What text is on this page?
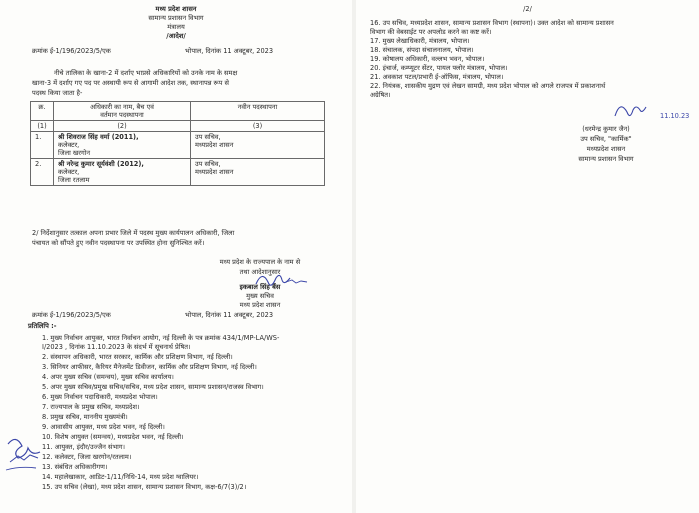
मध्य प्रदेश शासन
सामान्य प्रशासन विभाग
मंत्रालय
/आदेश/
क्रमांक ई-1/196/2023/5/एक	भोपाल, दिनांक 11 अक्टूबर, 2023
नीचे तालिका के खाना-2 में दर्शाए भाप्रसे अधिकारियों को उनके नाम के समक्ष
खाना-3 में दर्शाए गए पद पर अस्थायी रूप से आगामी आदेश तक, स्थानापन्न रूप से
पदस्थ किया जाता है-
क्र.	अधिकारी का नाम, बैच एवं
वर्तमान पदस्थापना	नवीन पदस्थापना
(1)	(2)	(3)
1.	श्री शिवराज सिंह वर्मा (2011),
कलेक्टर,
जिला खरगोन	उप सचिव,
मध्यप्रदेश शासन

2.	श्री नरेन्द्र कुमार सूर्यवंशी (2012),
कलेक्टर,
जिला रतलाम	उप सचिव,
मध्यप्रदेश शासन
2/ निर्देशानुसार तत्काल अपना प्रभार जिले में पदस्थ मुख्य कार्यपालन अधिकारी, जिला
पंचायत को सौंपते हुए नवीन पदस्थापना पर उपस्थित होना सुनिश्चित करें।
मध्य प्रदेश के राज्यपाल के नाम से
तथा आदेशानुसार
इकबाल सिंह बैंस
मुख्य सचिव
मध्य प्रदेश शासन
क्रमांक ई-1/196/2023/5/एक	भोपाल, दिनांक 11 अक्टूबर, 2023
प्रतिलिपि :-
1. मुख्य निर्वाचन आयुक्त, भारत निर्वाचन आयोग, नई दिल्ली के पत्र क्रमांक 434/1/MP-LA/WS-
I/2023 , दिनांक 11.10.2023 के संदर्भ में सूचनार्थ प्रेषित।
2. संस्थापन अधिकारी, भारत सरकार, कार्मिक और प्रशिक्षण विभाग, नई दिल्ली।
3. सिनियर आफीसर, कैरियर मैनेजमेंट डिवीजन, कार्मिक और प्रशिक्षण विभाग, नई दिल्ली।
4. अपर मुख्य सचिव (समन्वय), मुख्य सचिव कार्यालय।
5. अपर मुख्य सचिव/प्रमुख सचिव/सचिव, मध्य प्रदेश शासन, सामान्य प्रशासन/राजस्व विभाग।
6. मुख्य निर्वाचन पदाधिकारी, मध्यप्रदेश भोपाल।
7. राज्यपाल के प्रमुख सचिव, मध्यप्रदेश।
8. प्रमुख सचिव, माननीय मुख्यमंत्री।
9. आवासीय आयुक्त, मध्य प्रदेश भवन, नई दिल्ली।
10. विशेष आयुक्त (समन्वय), मध्यप्रदेश भवन, नई दिल्ली।
11. आयुक्त, इंदौर/उज्जैन संभाग।
12. कलेक्टर, जिला खरगोन/रतलाम।
13. संबंधित अधिकारीगण।
14. महालेखाकार, आडिट-1/11/निधि-14, मध्य प्रदेश ग्वालियर।
15. उप सचिव (लेखा), मध्य प्रदेश शासन, सामान्य प्रशासन विभाग, कक्ष-6/7(3)/2।
/2/
16. उप सचिव, मध्यप्रदेश शासन, सामान्य प्रशासन विभाग (स्थापना)। उक्त आदेश को सामान्य प्रशासन
विभाग की वेबसाईट पर अपलोड करने का कष्ट करें।
17. मुख्य लेखाधिकारी, मंत्रालय, भोपाल।
18. संचालक, संपदा संचालनालय, भोपाल।
19. कोषालय अधिकारी, वल्लभ भवन, भोपाल।
20. इंचार्ज, कम्प्यूटर सेंटर, पायल फ्लोर मंत्रालय, भोपाल।
21. अवकाश पटल/प्रभारी ई-ऑफिस, मंत्रालय, भोपाल।
22. नियंत्रक, शासकीय मुद्रण एवं लेखन सामग्री, मध्य प्रदेश भोपाल को अगले राजपत्र में प्रकाशनार्थ
अग्रेषित।
11.10.23
(धरमेन्द्र कुमार जैन)
उप सचिव, "कार्मिक"
मध्यप्रदेश शासन
सामान्य प्रशासन विभाग
